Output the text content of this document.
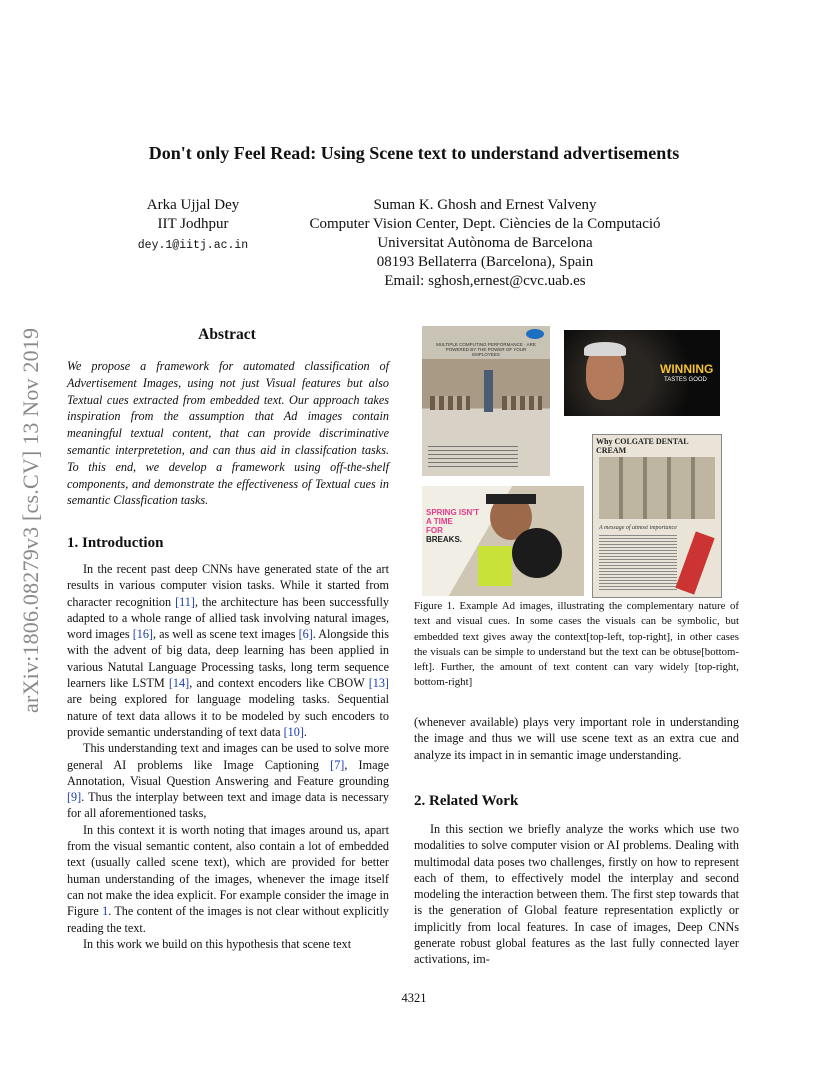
Don't only Feel Read: Using Scene text to understand advertisements
Arka Ujjal Dey
IIT Jodhpur
dey.1@iitj.ac.in
Suman K. Ghosh and Ernest Valveny
Computer Vision Center, Dept. Ciències de la Computació
Universitat Autònoma de Barcelona
08193 Bellaterra (Barcelona), Spain
Email: sghosh,ernest@cvc.uab.es
arXiv:1806.08279v3 [cs.CV] 13 Nov 2019	Abstract
We propose a framework for automated classification of Advertisement Images, using not just Visual features but also Textual cues extracted from embedded text. Our approach takes inspiration from the assumption that Ad images contain meaningful textual content, that can provide discriminative semantic interpretetion, and can thus aid in classifcation tasks. To this end, we develop a framework using off-the-shelf components, and demonstrate the effectiveness of Textual cues in semantic Classfication tasks.
1. Introduction

In the recent past deep CNNs have generated state of the art results in various computer vision tasks. While it started from character recognition [11], the architecture has been successfully adapted to a whole range of allied task involving natural images, word images [16], as well as scene text images [6]. Alongside this with the advent of big data, deep learning has been applied in various Natutal Language Processing tasks, long term sequence learners like LSTM [14], and context encoders like CBOW [13] are being explored for language modeling tasks. Sequential nature of text data allows it to be modeled by such encoders to provide semantic understanding of text data [10].

This understanding text and images can be used to solve more general AI problems like Image Captioning [7], Image Annotation, Visual Question Answering and Feature grounding [9]. Thus the interplay between text and image data is necessary for all aforementioned tasks,

In this context it is worth noting that images around us, apart from the visual semantic content, also contain a lot of embedded text (usually called scene text), which are provided for better human understanding of the images, whenever the image itself can not make the idea explicit. For example consider the image in Figure 1. The content of the images is not clear without explicitly reading the text.

In this work we build on this hypothesis that scene text

MULTIPLE COMPUTING PERFORMANCE · ARE POWERED BY THE POWER OF YOUR EMPLOYEES
WINNING
TASTES GOOD
SPRING ISN'T
A TIME
FOR
BREAKS.
Why COLGATE DENTAL CREAM
A message of utmost importance
Figure 1. Example Ad images, illustrating the complementary nature of text and visual cues. In some cases the visuals can be symbolic, but embedded text gives away the context[top-left, top-right], in other cases the visuals can be simple to understand but the text can be obtuse[bottom-left]. Further, the amount of text content can vary widely [top-right, bottom-right]

(whenever available) plays very important role in understanding the image and thus we will use scene text as an extra cue and analyze its impact in in semantic image understanding.

2. Related Work

In this section we briefly analyze the works which use two modalities to solve computer vision or AI problems. Dealing with multimodal data poses two challenges, firstly on how to represent each of them, to effectively model the interplay and second modeling the interaction between them. The first step towards that is the generation of Global feature representation explictly or implicitly from local features. In case of images, Deep CNNs generate robust global features as the last fully connected layer activations, im-

4321
